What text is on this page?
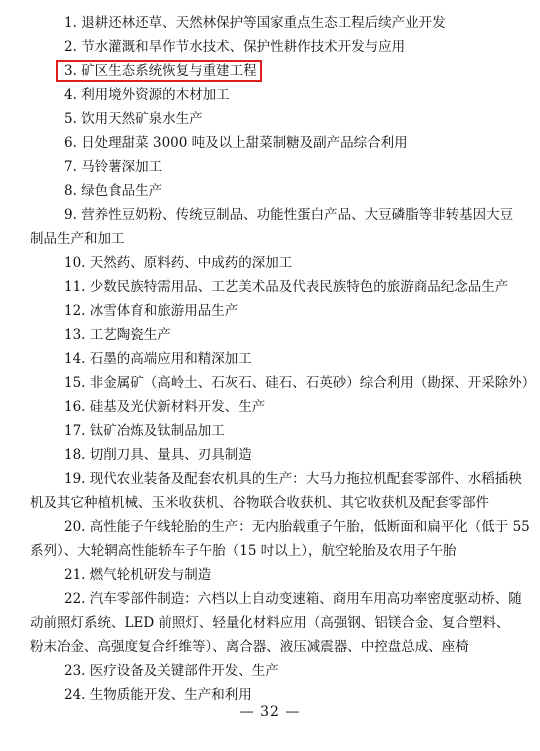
1. 退耕还林还草、天然林保护等国家重点生态工程后续产业开发
2. 节水灌溉和旱作节水技术、保护性耕作技术开发与应用
3. 矿区生态系统恢复与重建工程
4. 利用境外资源的木材加工
5. 饮用天然矿泉水生产
6. 日处理甜菜 3000 吨及以上甜菜制糖及副产品综合利用
7. 马铃薯深加工
8. 绿色食品生产
9. 营养性豆奶粉、传统豆制品、功能性蛋白产品、大豆磷脂等非转基因大豆
制品生产和加工
10. 天然药、原料药、中成药的深加工
11. 少数民族特需用品、工艺美术品及代表民族特色的旅游商品纪念品生产
12. 冰雪体育和旅游用品生产
13. 工艺陶瓷生产
14. 石墨的高端应用和精深加工
15. 非金属矿（高岭土、石灰石、硅石、石英砂）综合利用（勘探、开采除外）
16. 硅基及光伏新材料开发、生产
17. 钛矿冶炼及钛制品加工
18. 切削刀具、量具、刃具制造
19. 现代农业装备及配套农机具的生产：大马力拖拉机配套零部件、水稻插秧
机及其它种植机械、玉米收获机、谷物联合收获机、其它收获机及配套零部件
20. 高性能子午线轮胎的生产：无内胎载重子午胎，低断面和扁平化（低于 55
系列）、大轮辋高性能轿车子午胎（15 吋以上），航空轮胎及农用子午胎
21. 燃气轮机研发与制造
22. 汽车零部件制造：六档以上自动变速箱、商用车用高功率密度驱动桥、随
动前照灯系统、LED 前照灯、轻量化材料应用（高强钢、铝镁合金、复合塑料、
粉末冶金、高强度复合纤维等）、离合器、液压减震器、中控盘总成、座椅
23. 医疗设备及关键部件开发、生产
24. 生物质能开发、生产和利用
— 32 —
